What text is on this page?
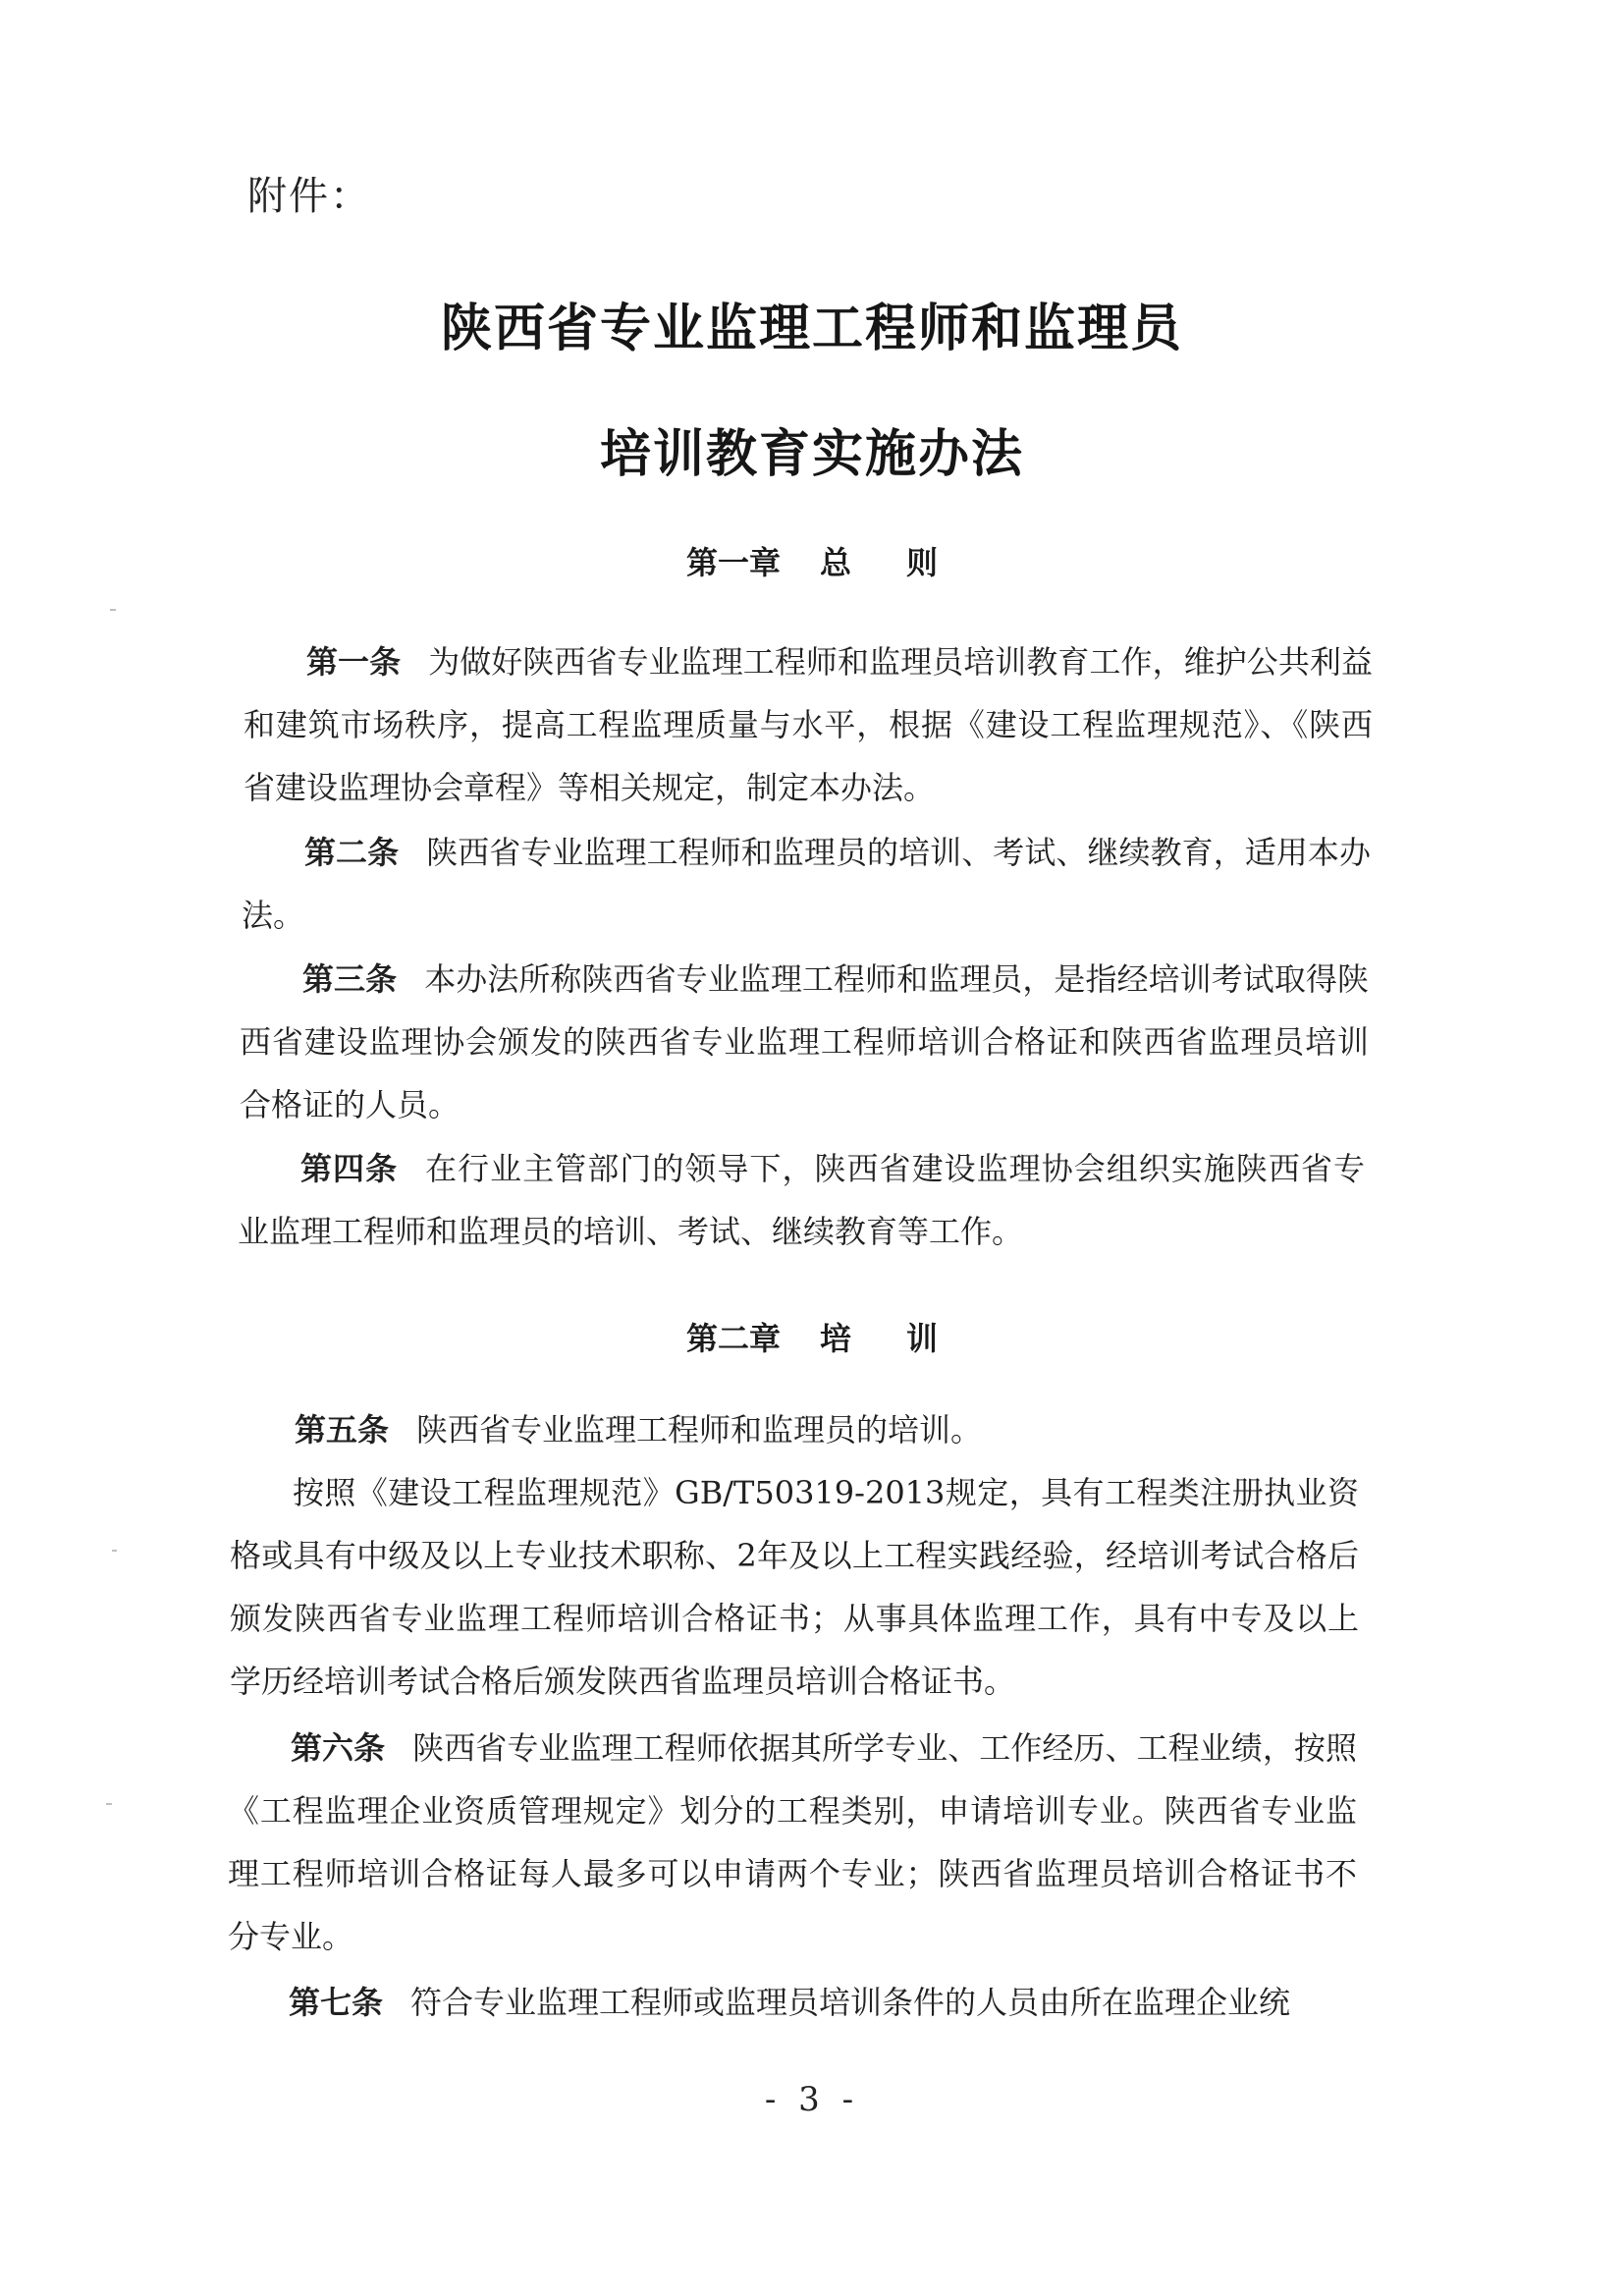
附件：
陕西省专业监理工程师和监理员
培训教育实施办法
第一章 总 则
第一条 为做好陕西省专业监理工程师和监理员培训教育工作，维护公共利益和建筑市场秩序，提高工程监理质量与水平，根据《建设工程监理规范》、《陕西省建设监理协会章程》等相关规定，制定本办法。
第二条 陕西省专业监理工程师和监理员的培训、考试、继续教育，适用本办法。
第三条 本办法所称陕西省专业监理工程师和监理员，是指经培训考试取得陕西省建设监理协会颁发的陕西省专业监理工程师培训合格证和陕西省监理员培训合格证的人员。
第四条 在行业主管部门的领导下，陕西省建设监理协会组织实施陕西省专业监理工程师和监理员的培训、考试、继续教育等工作。
第二章 培 训
第五条 陕西省专业监理工程师和监理员的培训。
按照《建设工程监理规范》GB/T50319-2013规定，具有工程类注册执业资格或具有中级及以上专业技术职称、2年及以上工程实践经验，经培训考试合格后颁发陕西省专业监理工程师培训合格证书；从事具体监理工作，具有中专及以上学历经培训考试合格后颁发陕西省监理员培训合格证书。
第六条 陕西省专业监理工程师依据其所学专业、工作经历、工程业绩，按照《工程监理企业资质管理规定》划分的工程类别，申请培训专业。陕西省专业监理工程师培训合格证每人最多可以申请两个专业；陕西省监理员培训合格证书不分专业。
第七条 符合专业监理工程师或监理员培训条件的人员由所在监理企业统
- 3 -
